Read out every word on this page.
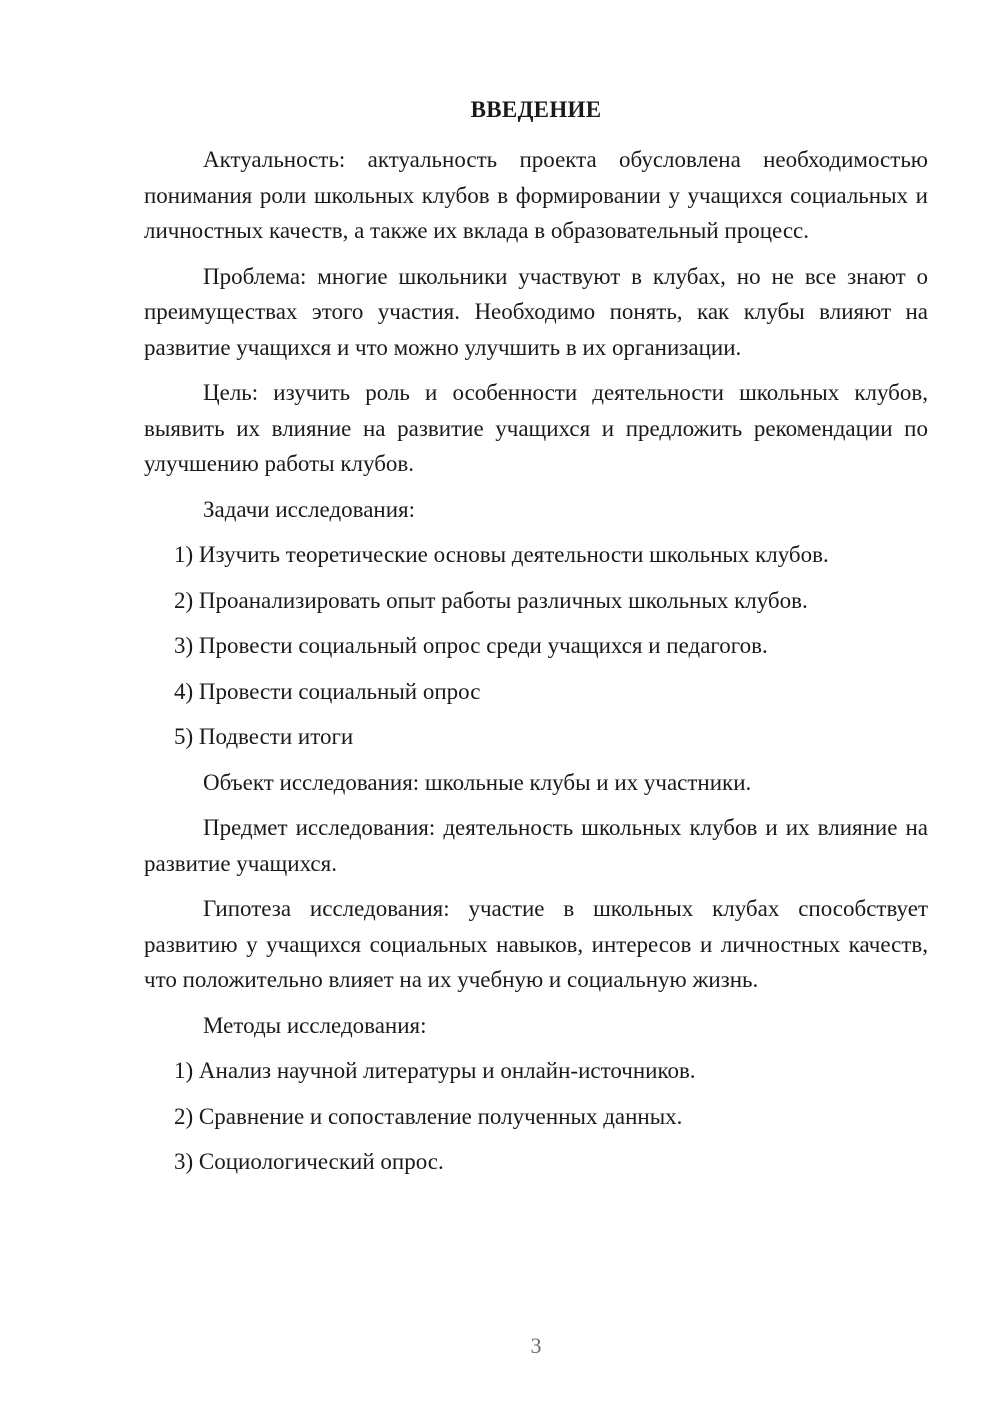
ВВЕДЕНИЕ

Актуальность: актуальность проекта обусловлена необходимостью понимания роли школьных клубов в формировании у учащихся социальных и личностных качеств, а также их вклада в образовательный процесс.

Проблема: многие школьники участвуют в клубах, но не все знают о преимуществах этого участия. Необходимо понять, как клубы влияют на развитие учащихся и что можно улучшить в их организации.

Цель: изучить роль и особенности деятельности школьных клубов, выявить их влияние на развитие учащихся и предложить рекомендации по улучшению работы клубов.

Задачи исследования:

1) Изучить теоретические основы деятельности школьных клубов.
2) Проанализировать опыт работы различных школьных клубов.
3) Провести социальный опрос среди учащихся и педагогов.
4) Провести социальный опрос
5) Подвести итоги

Объект исследования: школьные клубы и их участники.

Предмет исследования: деятельность школьных клубов и их влияние на развитие учащихся.

Гипотеза исследования: участие в школьных клубах способствует развитию у учащихся социальных навыков, интересов и личностных качеств, что положительно влияет на их учебную и социальную жизнь.

Методы исследования:

1) Анализ научной литературы и онлайн-источников.
2) Сравнение и сопоставление полученных данных.
3) Социологический опрос.
3
